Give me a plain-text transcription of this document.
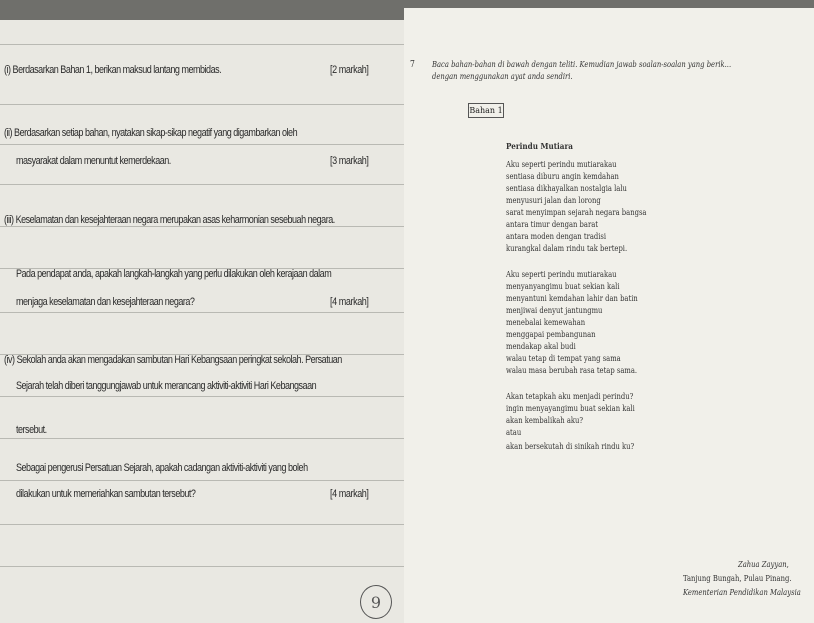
(i) Berdasarkan Bahan 1, berikan maksud lantang membidas.	[2 markah]
(ii) Berdasarkan setiap bahan, nyatakan sikap-sikap negatif yang digambarkan oleh
masyarakat dalam menuntut kemerdekaan.	[3 markah]
(iii) Keselamatan dan kesejahteraan negara merupakan asas keharmonian sesebuah negara.
Pada pendapat anda, apakah langkah-langkah yang perlu dilakukan oleh kerajaan dalam
menjaga keselamatan dan kesejahteraan negara?	[4 markah]
(iv) Sekolah anda akan mengadakan sambutan Hari Kebangsaan peringkat sekolah. Persatuan
Sejarah telah diberi tanggungjawab untuk merancang aktiviti-aktiviti Hari Kebangsaan
tersebut.
Sebagai pengerusi Persatuan Sejarah, apakah cadangan aktiviti-aktiviti yang boleh
dilakukan untuk memeriahkan sambutan tersebut?	[4 markah]
9
7 Baca bahan-bahan di bawah dengan teliti. Kemudian jawab soalan-soalan yang berik...
dengan menggunakan ayat anda sendiri.
Bahan 1
Perindu Mutiara
Aku seperti perindu mutiarakau
sentiasa diburu angin kemdahan
sentiasa dikhayalkan nostalgia lalu
menyusuri jalan dan lorong
sarat menyimpan sejarah negara bangsa
antara timur dengan barat
antara moden dengan tradisi
kurangkal dalam rindu tak bertepi.
Aku seperti perindu mutiarakau
menyanyangimu buat sekian kali
menyantuni kemdahan lahir dan batin
menjiwai denyut jantungmu
menebalai kemewahan
menggapai pembangunan
mendakap akal budi
walau tetap di tempat yang sama
walau masa berubah rasa tetap sama.
Akan tetapkah aku menjadi perindu?
ingin menyayangimu buat sekian kali
akan kembalikah aku?
atau
akan bersekutah di sinikah rindu ku?
Zahua Zayyan,
Tanjung Bungah, Pulau Pinang.
Kementerian Pendidikan Malaysia
